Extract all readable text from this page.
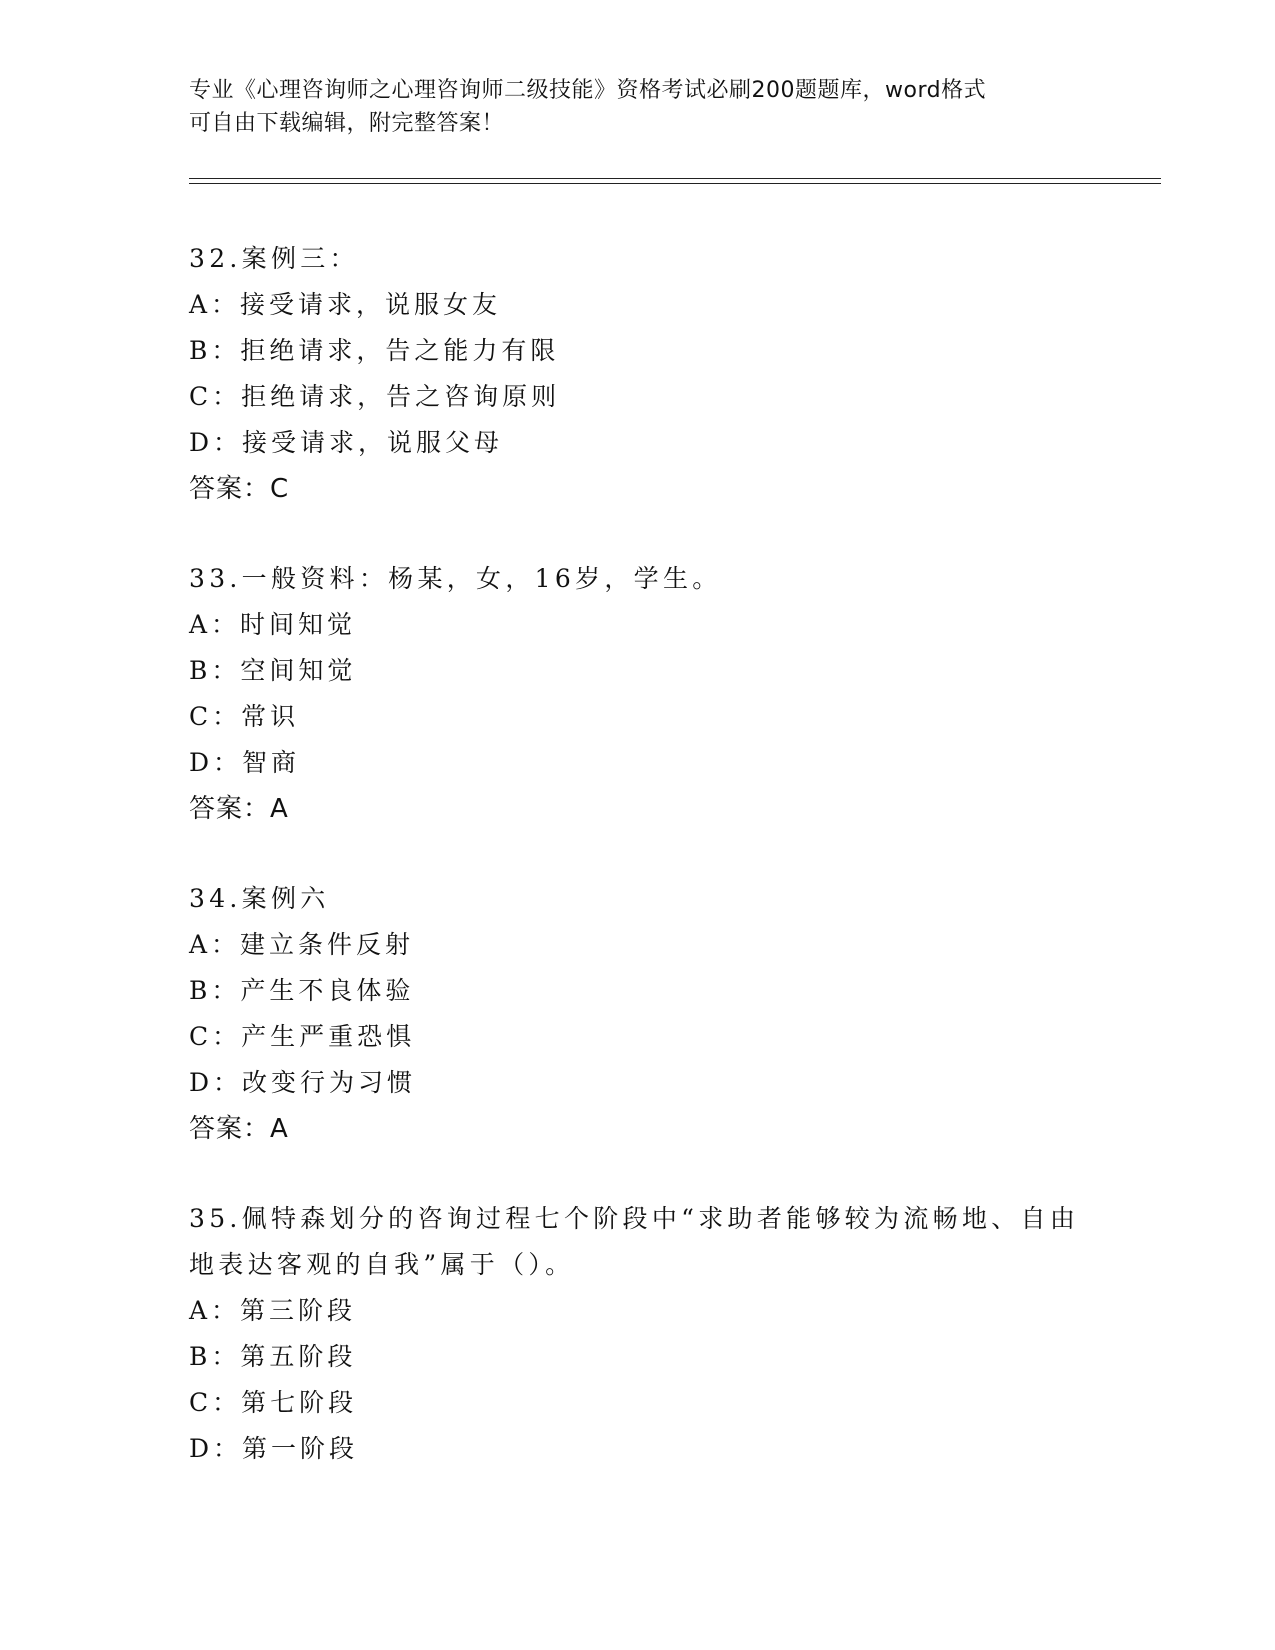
专业《心理咨询师之心理咨询师二级技能》资格考试必刷200题题库，word格式
可自由下载编辑，附完整答案！

32.案例三：

A：接受请求，说服女友

B：拒绝请求，告之能力有限

C：拒绝请求，告之咨询原则

D：接受请求，说服父母

答案：C

33.一般资料：杨某，女，16岁，学生。

A：时间知觉

B：空间知觉

C：常识

D：智商

答案：A

34.案例六

A：建立条件反射

B：产生不良体验

C：产生严重恐惧

D：改变行为习惯

答案：A

35.佩特森划分的咨询过程七个阶段中“求助者能够较为流畅地、自由

地表达客观的自我”属于（）。

A：第三阶段

B：第五阶段

C：第七阶段

D：第一阶段
